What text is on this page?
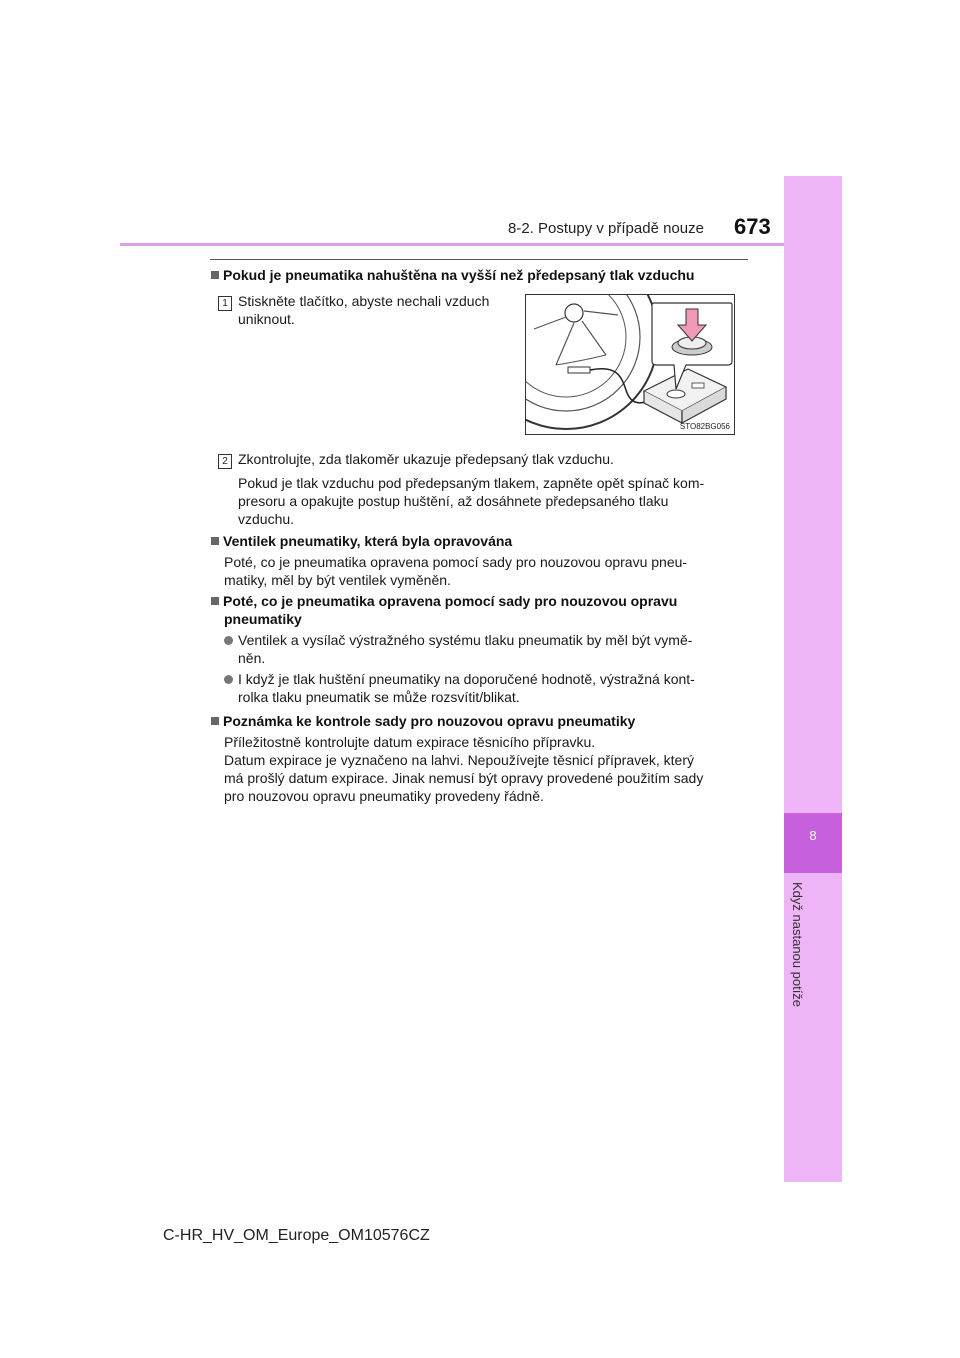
8-2. Postupy v případě nouze 673
8
Když nastanou potíže
Pokud je pneumatika nahuštěna na vyšší než předepsaný tlak vzduchu
1 Stiskněte tlačítko, abyste nechali vzduch
uniknout.
STO82BG056
2 Zkontrolujte, zda tlakoměr ukazuje předepsaný tlak vzduchu.
Pokud je tlak vzduchu pod předepsaným tlakem, zapněte opět spínač kom-
presoru a opakujte postup huštění, až dosáhnete předepsaného tlaku
vzduchu.
Ventilek pneumatiky, která byla opravována
Poté, co je pneumatika opravena pomocí sady pro nouzovou opravu pneu-
matiky, měl by být ventilek vyměněn.
Poté, co je pneumatika opravena pomocí sady pro nouzovou opravu
pneumatiky
Ventilek a vysílač výstražného systému tlaku pneumatik by měl být vymě-
něn.
I když je tlak huštění pneumatiky na doporučené hodnotě, výstražná kont-
rolka tlaku pneumatik se může rozsvítit/blikat.
Poznámka ke kontrole sady pro nouzovou opravu pneumatiky
Příležitostně kontrolujte datum expirace těsnicího přípravku.
Datum expirace je vyznačeno na lahvi. Nepoužívejte těsnicí přípravek, který
má prošlý datum expirace. Jinak nemusí být opravy provedené použitím sady
pro nouzovou opravu pneumatiky provedeny řádně.
C-HR_HV_OM_Europe_OM10576CZ
